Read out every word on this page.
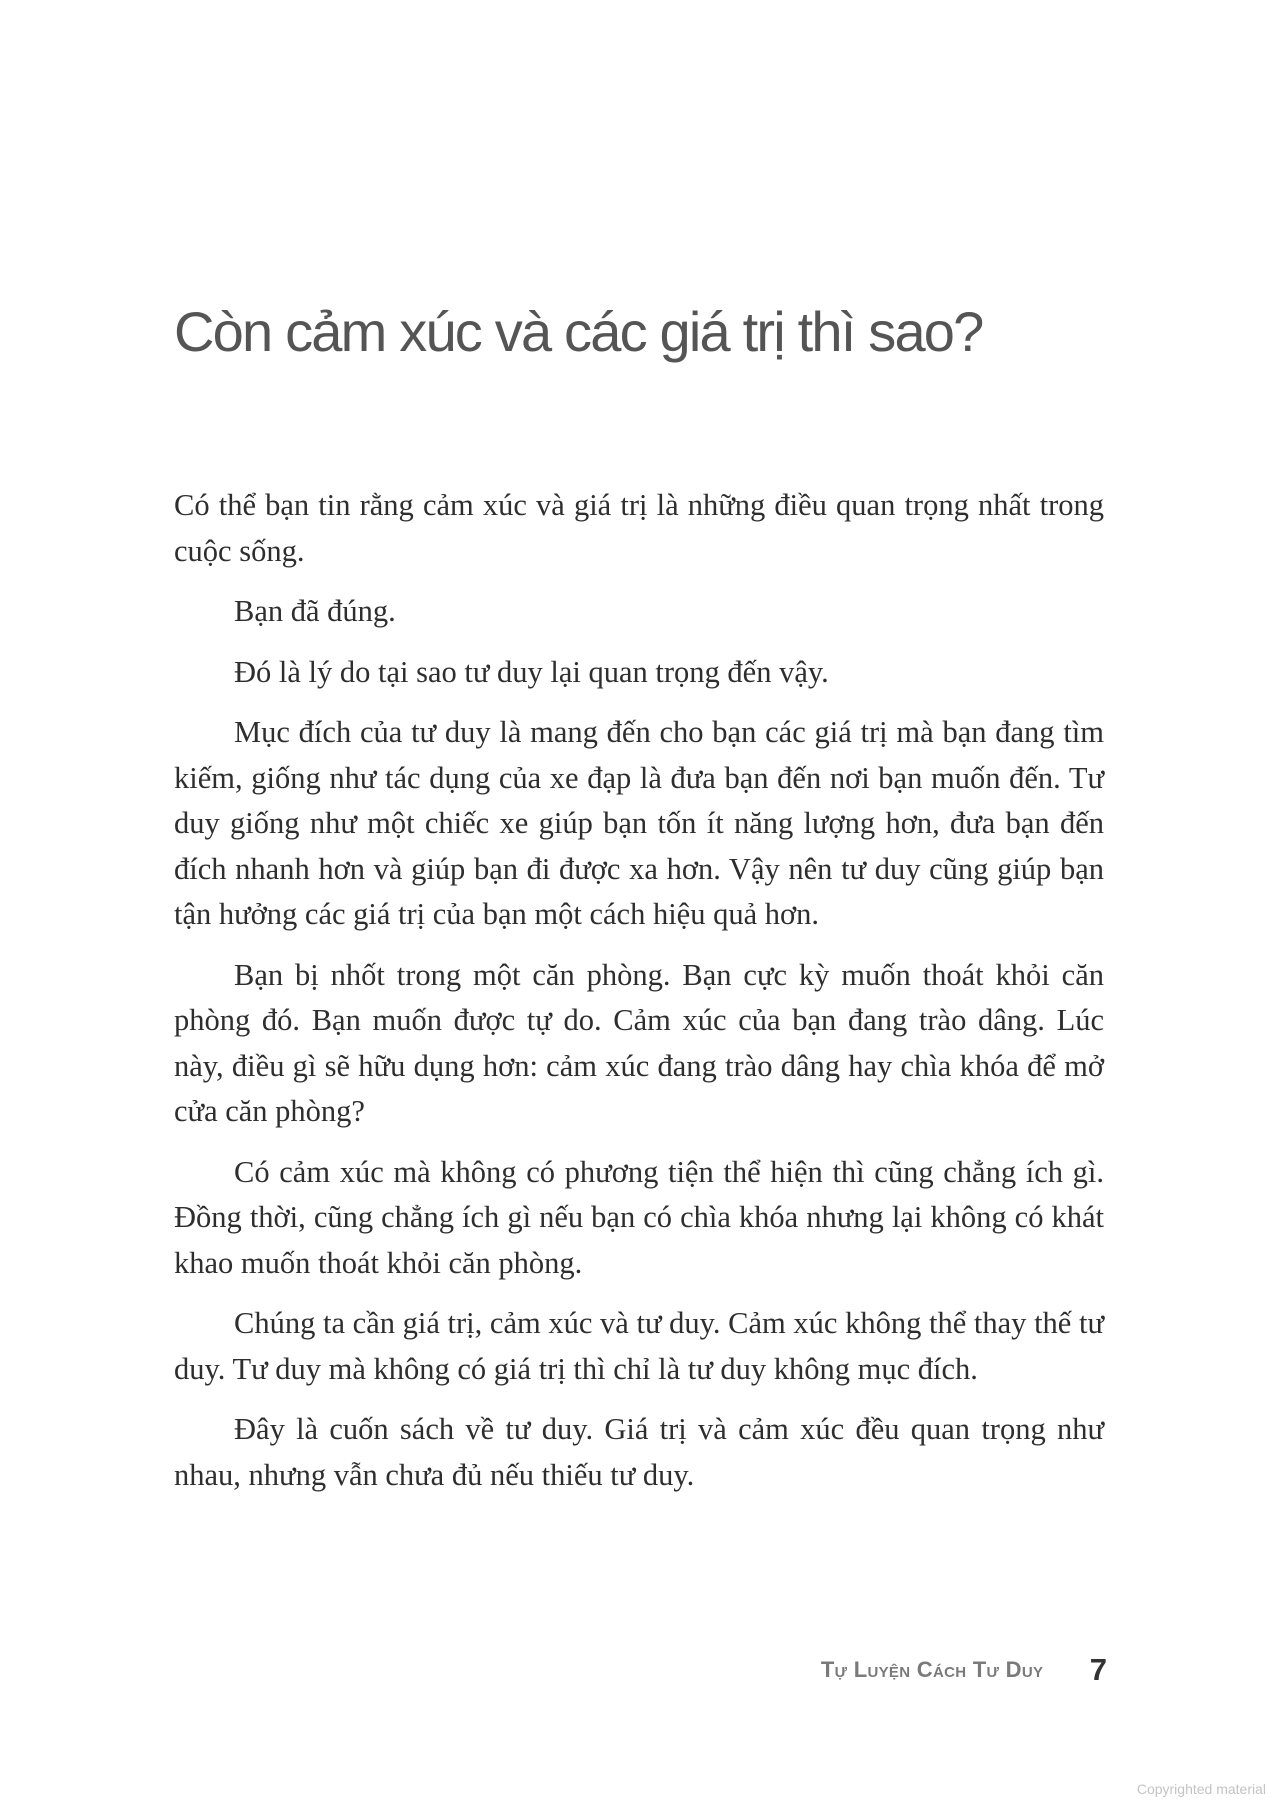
Còn cảm xúc và các giá trị thì sao?

Có thể bạn tin rằng cảm xúc và giá trị là những điều quan trọng nhất trong cuộc sống.

Bạn đã đúng.

Đó là lý do tại sao tư duy lại quan trọng đến vậy.

Mục đích của tư duy là mang đến cho bạn các giá trị mà bạn đang tìm kiếm, giống như tác dụng của xe đạp là đưa bạn đến nơi bạn muốn đến. Tư duy giống như một chiếc xe giúp bạn tốn ít năng lượng hơn, đưa bạn đến đích nhanh hơn và giúp bạn đi được xa hơn. Vậy nên tư duy cũng giúp bạn tận hưởng các giá trị của bạn một cách hiệu quả hơn.

Bạn bị nhốt trong một căn phòng. Bạn cực kỳ muốn thoát khỏi căn phòng đó. Bạn muốn được tự do. Cảm xúc của bạn đang trào dâng. Lúc này, điều gì sẽ hữu dụng hơn: cảm xúc đang trào dâng hay chìa khóa để mở cửa căn phòng?

Có cảm xúc mà không có phương tiện thể hiện thì cũng chẳng ích gì. Đồng thời, cũng chẳng ích gì nếu bạn có chìa khóa nhưng lại không có khát khao muốn thoát khỏi căn phòng.

Chúng ta cần giá trị, cảm xúc và tư duy. Cảm xúc không thể thay thế tư duy. Tư duy mà không có giá trị thì chỉ là tư duy không mục đích.

Đây là cuốn sách về tư duy. Giá trị và cảm xúc đều quan trọng như nhau, nhưng vẫn chưa đủ nếu thiếu tư duy.

Tự Luyện Cách Tư Duy 7
Copyrighted material
